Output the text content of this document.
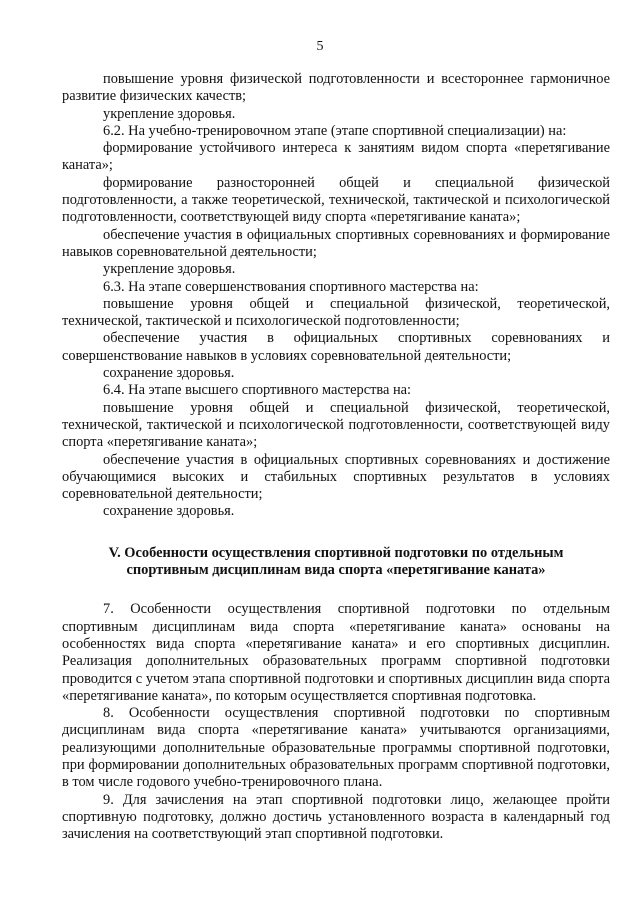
5

повышение уровня физической подготовленности и всестороннее гармоничное развитие физических качеств;

укрепление здоровья.

6.2. На учебно-тренировочном этапе (этапе спортивной специализации) на:

формирование устойчивого интереса к занятиям видом спорта «перетягивание каната»;

формирование разносторонней общей и специальной физической подготовленности, а также теоретической, технической, тактической и психологической подготовленности, соответствующей виду спорта «перетягивание каната»;

обеспечение участия в официальных спортивных соревнованиях и формирование навыков соревновательной деятельности;

укрепление здоровья.

6.3. На этапе совершенствования спортивного мастерства на:

повышение уровня общей и специальной физической, теоретической, технической, тактической и психологической подготовленности;

обеспечение участия в официальных спортивных соревнованиях и совершенствование навыков в условиях соревновательной деятельности;

сохранение здоровья.

6.4. На этапе высшего спортивного мастерства на:

повышение уровня общей и специальной физической, теоретической, технической, тактической и психологической подготовленности, соответствующей виду спорта «перетягивание каната»;

обеспечение участия в официальных спортивных соревнованиях и достижение обучающимися высоких и стабильных спортивных результатов в условиях соревновательной деятельности;

сохранение здоровья.

V. Особенности осуществления спортивной подготовки по отдельным спортивным дисциплинам вида спорта «перетягивание каната»

7. Особенности осуществления спортивной подготовки по отдельным спортивным дисциплинам вида спорта «перетягивание каната» основаны на особенностях вида спорта «перетягивание каната» и его спортивных дисциплин. Реализация дополнительных образовательных программ спортивной подготовки проводится с учетом этапа спортивной подготовки и спортивных дисциплин вида спорта «перетягивание каната», по которым осуществляется спортивная подготовка.

8. Особенности осуществления спортивной подготовки по спортивным дисциплинам вида спорта «перетягивание каната» учитываются организациями, реализующими дополнительные образовательные программы спортивной подготовки, при формировании дополнительных образовательных программ спортивной подготовки, в том числе годового учебно-тренировочного плана.

9. Для зачисления на этап спортивной подготовки лицо, желающее пройти спортивную подготовку, должно достичь установленного возраста в календарный год зачисления на соответствующий этап спортивной подготовки.
